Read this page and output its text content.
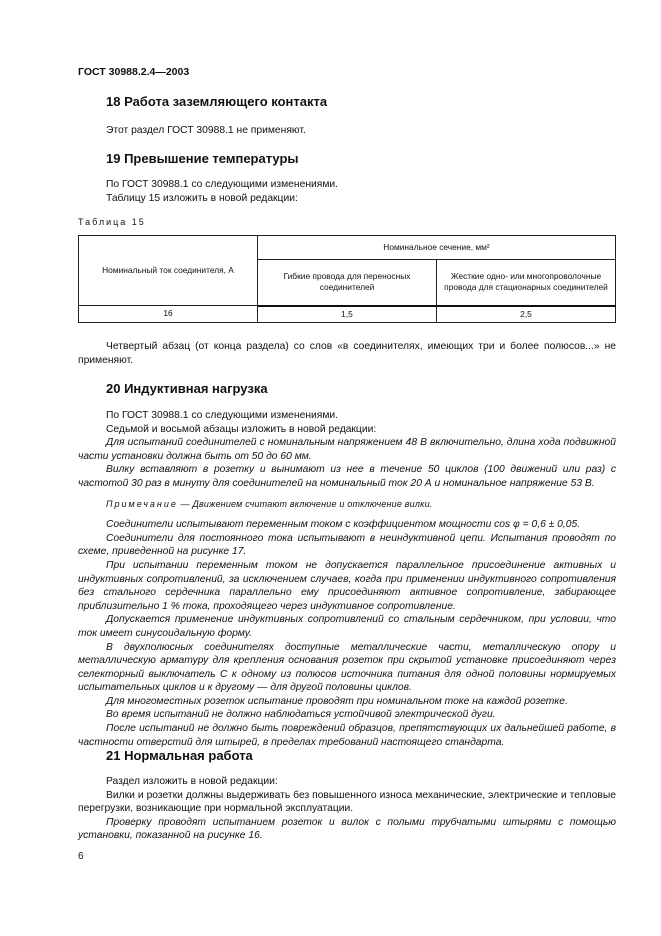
ГОСТ 30988.2.4—2003
18 Работа заземляющего контакта

Этот раздел ГОСТ 30988.1 не применяют.

19 Превышение температуры

По ГОСТ 30988.1 со следующими изменениями.

Таблицу 15 изложить в новой редакции:

Таблица 15
Номинальный ток соединителя, А	Номинальное сечение, мм²	
	Гибкие провода для переносных соединителей	Жесткие одно- или многопроволочные провода для стационарных соединителей
16	1,5	2,5

Четвертый абзац (от конца раздела) со слов «в соединителях, имеющих три и более полюсов...» не применяют.

20 Индуктивная нагрузка

По ГОСТ 30988.1 со следующими изменениями.

Седьмой и восьмой абзацы изложить в новой редакции:

Для испытаний соединителей с номинальным напряжением 48 В включительно, длина хода подвижной части установки должна быть от 50 до 60 мм.

Вилку вставляют в розетку и вынимают из нее в течение 50 циклов (100 движений или раз) с частотой 30 раз в минуту для соединителей на номинальный ток 20 А и номинальное напряжение 53 В.

Примечание — Движением считают включение и отключение вилки.

Соединители испытывают переменным током с коэффициентом мощности cos φ = 0,6 ± 0,05.

Соединители для постоянного тока испытывают в неиндуктивной цепи. Испытания проводят по схеме, приведенной на рисунке 17.

При испытании переменным током не допускается параллельное присоединение активных и индуктивных сопротивлений, за исключением случаев, когда при применении индуктивного сопротивления без стального сердечника параллельно ему присоединяют активное сопротивление, забирающее приблизительно 1 % тока, проходящего через индуктивное сопротивление.

Допускается применение индуктивных сопротивлений со стальным сердечником, при условии, что ток имеет синусоидальную форму.

В двухполюсных соединителях доступные металлические части, металлическую опору и металлическую арматуру для крепления основания розеток при скрытой установке присоединяют через селекторный выключатель С к одному из полюсов источника питания для одной половины нормируемых испытательных циклов и к другому — для другой половины циклов.

Для многоместных розеток испытание проводят при номинальном токе на каждой розетке.

Во время испытаний не должно наблюдаться устойчивой электрической дуги.

После испытаний не должно быть повреждений образцов, препятствующих их дальнейшей работе, в частности отверстий для штырей, в пределах требований настоящего стандарта.

21 Нормальная работа

Раздел изложить в новой редакции:

Вилки и розетки должны выдерживать без повышенного износа механические, электрические и тепловые перегрузки, возникающие при нормальной эксплуатации.

Проверку проводят испытанием розеток и вилок с полыми трубчатыми штырями с помощью установки, показанной на рисунке 16.

6
